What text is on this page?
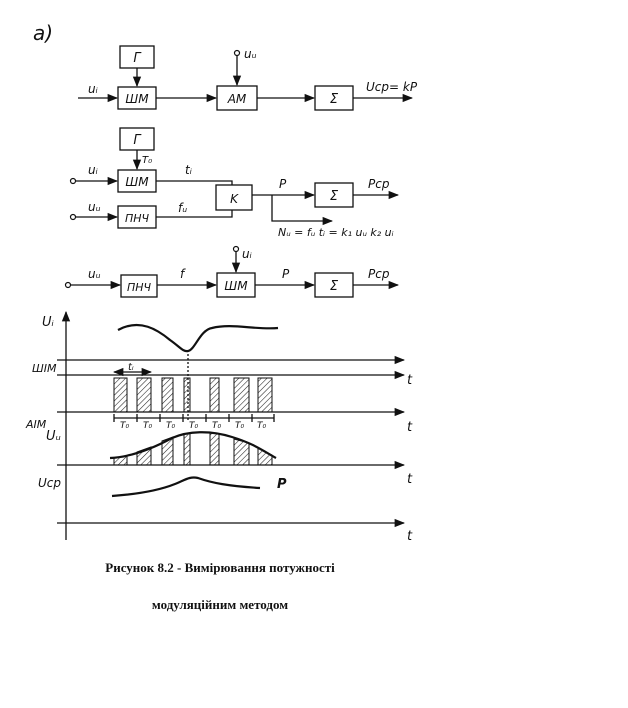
а)
Г
ШМ
uᵢ
АМ
uᵤ
Σ
Uср= kP
Г
T₀
ШМ
uᵢ	tᵢ
ПНЧ
uᵤ	fᵤ
K
P
Nᵤ = fᵤ tᵢ = k₁ uᵤ k₂ uᵢ
Σ
Pср
uᵤ
ПНЧ
f
ШМ
uᵢ
P
Σ
Pср
Uᵢ
t
ШІМ	tᵢ
t
T₀ T₀ T₀ T₀ T₀ T₀ T₀
АІМ
Uᵤ
t
Uср	P
t
Рисунок 8.2 - Вимірювання потужності
модуляційним методом
